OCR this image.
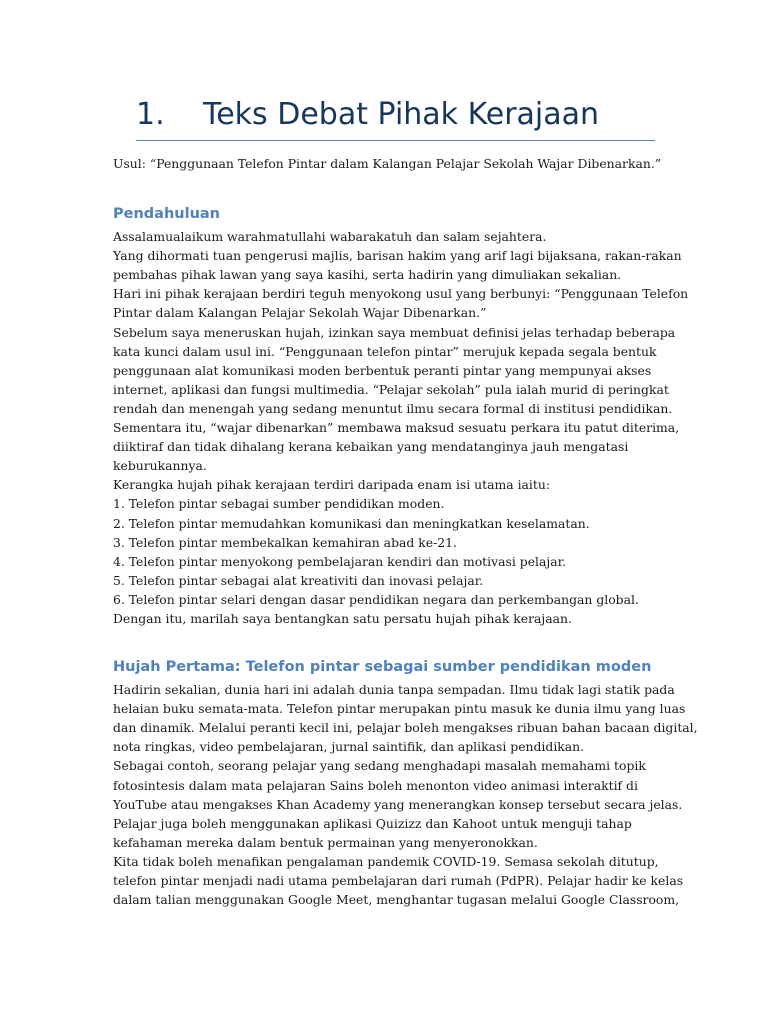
1. Teks Debat Pihak Kerajaan

Usul: “Penggunaan Telefon Pintar dalam Kalangan Pelajar Sekolah Wajar Dibenarkan.”

Pendahuluan

Assalamualaikum warahmatullahi wabarakatuh dan salam sejahtera.

Yang dihormati tuan pengerusi majlis, barisan hakim yang arif lagi bijaksana, rakan-rakan

pembahas pihak lawan yang saya kasihi, serta hadirin yang dimuliakan sekalian.

Hari ini pihak kerajaan berdiri teguh menyokong usul yang berbunyi: “Penggunaan Telefon

Pintar dalam Kalangan Pelajar Sekolah Wajar Dibenarkan.”

Sebelum saya meneruskan hujah, izinkan saya membuat definisi jelas terhadap beberapa

kata kunci dalam usul ini. “Penggunaan telefon pintar” merujuk kepada segala bentuk

penggunaan alat komunikasi moden berbentuk peranti pintar yang mempunyai akses

internet, aplikasi dan fungsi multimedia. “Pelajar sekolah” pula ialah murid di peringkat

rendah dan menengah yang sedang menuntut ilmu secara formal di institusi pendidikan.

Sementara itu, “wajar dibenarkan” membawa maksud sesuatu perkara itu patut diterima,

diiktiraf dan tidak dihalang kerana kebaikan yang mendatanginya jauh mengatasi

keburukannya.

Kerangka hujah pihak kerajaan terdiri daripada enam isi utama iaitu:

1. Telefon pintar sebagai sumber pendidikan moden.

2. Telefon pintar memudahkan komunikasi dan meningkatkan keselamatan.

3. Telefon pintar membekalkan kemahiran abad ke-21.

4. Telefon pintar menyokong pembelajaran kendiri dan motivasi pelajar.

5. Telefon pintar sebagai alat kreativiti dan inovasi pelajar.

6. Telefon pintar selari dengan dasar pendidikan negara dan perkembangan global.

Dengan itu, marilah saya bentangkan satu persatu hujah pihak kerajaan.

Hujah Pertama: Telefon pintar sebagai sumber pendidikan moden

Hadirin sekalian, dunia hari ini adalah dunia tanpa sempadan. Ilmu tidak lagi statik pada

helaian buku semata-mata. Telefon pintar merupakan pintu masuk ke dunia ilmu yang luas

dan dinamik. Melalui peranti kecil ini, pelajar boleh mengakses ribuan bahan bacaan digital,

nota ringkas, video pembelajaran, jurnal saintifik, dan aplikasi pendidikan.

Sebagai contoh, seorang pelajar yang sedang menghadapi masalah memahami topik

fotosintesis dalam mata pelajaran Sains boleh menonton video animasi interaktif di

YouTube atau mengakses Khan Academy yang menerangkan konsep tersebut secara jelas.

Pelajar juga boleh menggunakan aplikasi Quizizz dan Kahoot untuk menguji tahap

kefahaman mereka dalam bentuk permainan yang menyeronokkan.

Kita tidak boleh menafikan pengalaman pandemik COVID-19. Semasa sekolah ditutup,

telefon pintar menjadi nadi utama pembelajaran dari rumah (PdPR). Pelajar hadir ke kelas

dalam talian menggunakan Google Meet, menghantar tugasan melalui Google Classroom,
